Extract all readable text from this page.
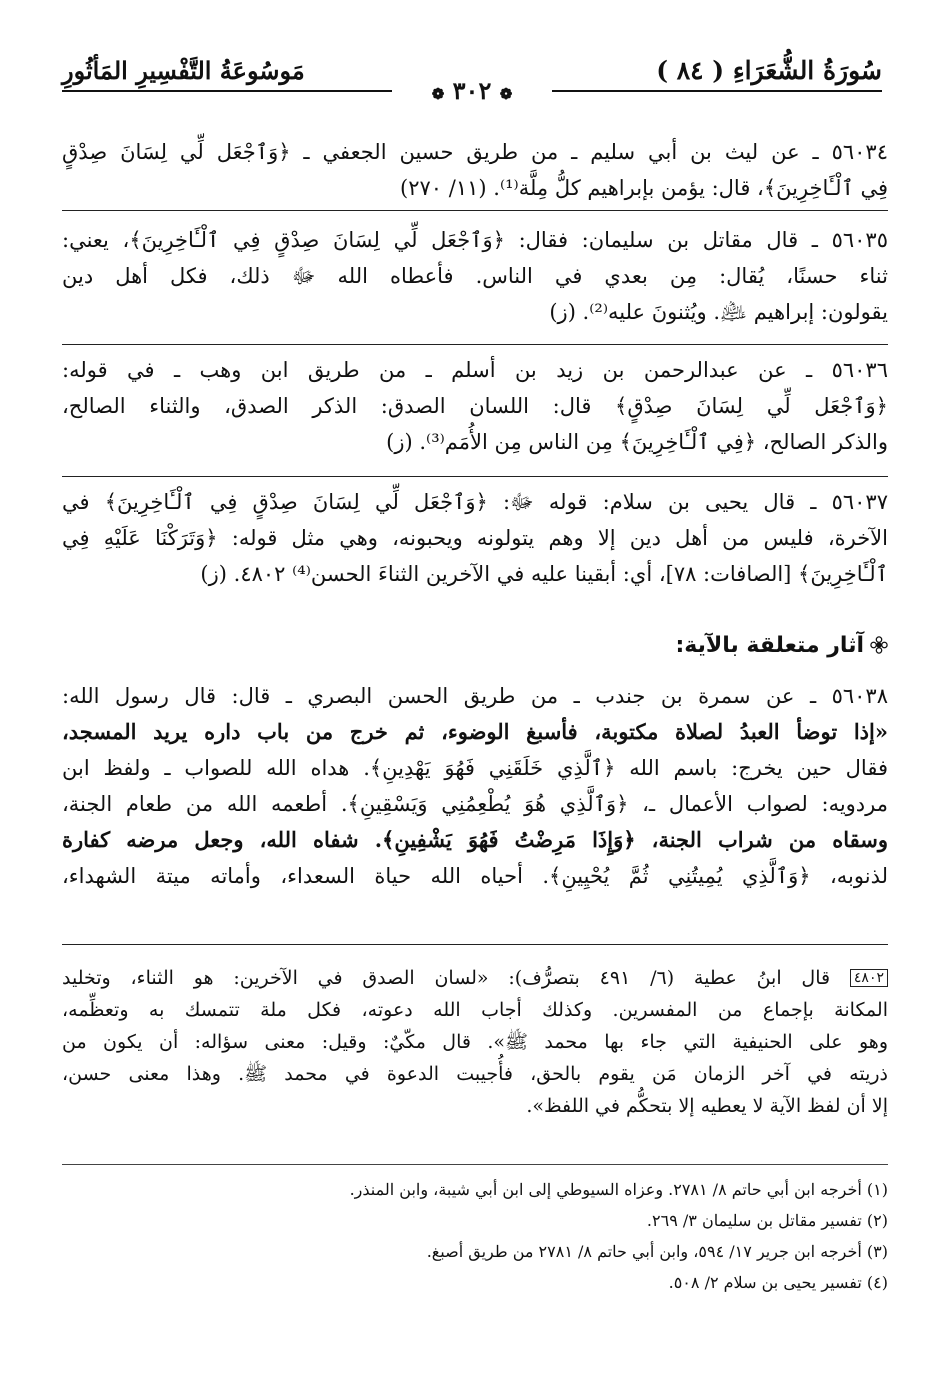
سُورَةُ الشُّعَرَاءِ ( ٨٤ )
مَوسُوعَةُ التَّفْسِيرِ المَأثُورِ
❁ ٣٠٢ ❁
٥٦٠٣٤ ـ عن ليث بن أبي سليم ـ من طريق حسين الجعفي ـ ﴿وَٱجْعَل لِّي لِسَانَ صِدْقٍ
فِي ٱلْـَٔاخِرِينَ﴾، قال: يؤمن بإبراهيم كلُّ مِلَّة⁽¹⁾. (١١/ ٢٧٠)
٥٦٠٣٥ ـ قال مقاتل بن سليمان: فقال: ﴿وَٱجْعَل لِّي لِسَانَ صِدْقٍ فِي ٱلْـَٔاخِرِينَ﴾، يعني:
ثناء حسنًا، يُقال: مِن بعدي في الناس. فأعطاه الله ﷻ ذلك، فكل أهل دين
يقولون: إبراهيم ﵇. ويُثنونَ عليه⁽²⁾. (ز)
٥٦٠٣٦ ـ عن عبدالرحمن بن زيد بن أسلم ـ من طريق ابن وهب ـ في قوله:
﴿وَٱجْعَل لِّي لِسَانَ صِدْقٍ﴾ قال: اللسان الصدق: الذكر الصدق، والثناء الصالح،
والذكر الصالح، ﴿فِي ٱلْـَٔاخِرِينَ﴾ مِن الناس مِن الأُمَم⁽³⁾. (ز)
٥٦٠٣٧ ـ قال يحيى بن سلام: قوله ﷻ: ﴿وَٱجْعَل لِّي لِسَانَ صِدْقٍ فِي ٱلْـَٔاخِرِينَ﴾ في
الآخرة، فليس من أهل دين إلا وهم يتولونه ويحبونه، وهي مثل قوله: ﴿وَتَرَكْنَا عَلَيْهِ فِي
ٱلْـَٔاخِرِينَ﴾ [الصافات: ٧٨]، أي: أبقينا عليه في الآخرين الثناءَ الحسن⁽⁴⁾ ٤٨٠٢. (ز)
آثار متعلقة بالآية:
٥٦٠٣٨ ـ عن سمرة بن جندب ـ من طريق الحسن البصري ـ قال: قال رسول الله:
«إذا توضأ العبدُ لصلاة مكتوبة، فأسبغ الوضوء، ثم خرج من باب داره يريد المسجد،
فقال حين يخرج: باسم الله ﴿ٱلَّذِي خَلَقَنِي فَهُوَ يَهْدِينِ﴾. هداه الله للصواب ـ ولفظ ابن
مردويه: لصواب الأعمال ـ، ﴿وَٱلَّذِي هُوَ يُطْعِمُنِي وَيَسْقِينِ﴾. أطعمه الله من طعام الجنة،
وسقاه من شراب الجنة، ﴿وَإِذَا مَرِضْتُ فَهُوَ يَشْفِينِ﴾. شفاه الله، وجعل مرضه كفارة
لذنوبه، ﴿وَٱلَّذِي يُمِيتُنِي ثُمَّ يُحْيِينِ﴾. أحياه الله حياة السعداء، وأماته ميتة الشهداء،
٤٨٠٢ قال ابنُ عطية (٦/ ٤٩١ بتصرُّف): «لسان الصدق في الآخرين: هو الثناء، وتخليد
المكانة بإجماع من المفسرين. وكذلك أجاب الله دعوته، فكل ملة تتمسك به وتعظِّمه،
وهو على الحنيفية التي جاء بها محمد ﷺ». قال مكّيٌ: وقيل: معنى سؤاله: أن يكون من
ذريته في آخر الزمان مَن يقوم بالحق، فأُجيبت الدعوة في محمد ﷺ. وهذا معنى حسن،
إلا أن لفظ الآية لا يعطيه إلا بتحكُّم في اللفظ».
(١) أخرجه ابن أبي حاتم ٨/ ٢٧٨١. وعزاه السيوطي إلى ابن أبي شيبة، وابن المنذر.
(٢) تفسير مقاتل بن سليمان ٣/ ٢٦٩.
(٣) أخرجه ابن جرير ١٧/ ٥٩٤، وابن أبي حاتم ٨/ ٢٧٨١ من طريق أصبغ.
(٤) تفسير يحيى بن سلام ٢/ ٥٠٨.
